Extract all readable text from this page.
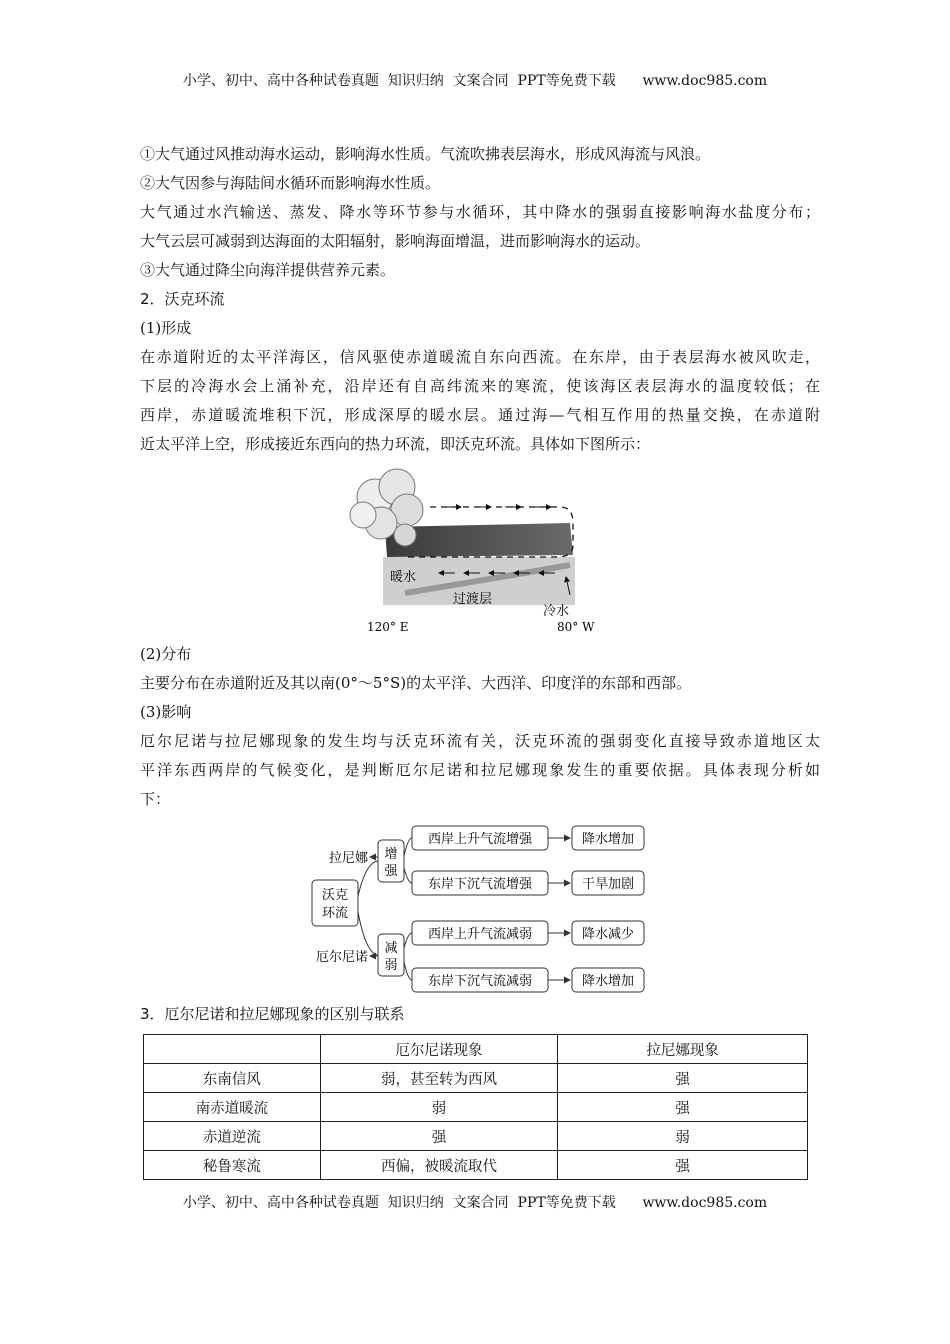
小学、初中、高中各种试卷真题  知识归纳  文案合同  PPT等免费下载      www.doc985.com
①大气通过风推动海水运动，影响海水性质。气流吹拂表层海水，形成风海流与风浪。
②大气因参与海陆间水循环而影响海水性质。
大气通过水汽输送、蒸发、降水等环节参与水循环，其中降水的强弱直接影响海水盐度分布；
大气云层可减弱到达海面的太阳辐射，影响海面增温，进而影响海水的运动。
③大气通过降尘向海洋提供营养元素。
2．沃克环流
(1)形成
在赤道附近的太平洋海区，信风驱使赤道暖流自东向西流。在东岸，由于表层海水被风吹走，
下层的冷海水会上涌补充，沿岸还有自高纬流来的寒流，使该海区表层海水的温度较低；在
西岸，赤道暖流堆积下沉，形成深厚的暖水层。通过海—气相互作用的热量交换，在赤道附
近太平洋上空，形成接近东西向的热力环流，即沃克环流。具体如下图所示：
暖水
过渡层
冷水
120° E	80° W
(2)分布
主要分布在赤道附近及其以南(0°～5°S)的太平洋、大西洋、印度洋的东部和西部。
(3)影响
厄尔尼诺与拉尼娜现象的发生均与沃克环流有关，沃克环流的强弱变化直接导致赤道地区太
平洋东西两岸的气候变化，是判断厄尔尼诺和拉尼娜现象发生的重要依据。具体表现分析如
下：
沃克
环流
拉尼娜
厄尔尼诺
增
强
减
弱
西岸上升气流增强
东岸下沉气流增强
西岸上升气流减弱
东岸下沉气流减弱
降水增加
干旱加剧
降水减少
降水增加
3．厄尔尼诺和拉尼娜现象的区别与联系
	厄尔尼诺现象	拉尼娜现象
东南信风	弱，甚至转为西风	强
南赤道暖流	弱	强
赤道逆流	强	弱
秘鲁寒流	西偏，被暖流取代	强
小学、初中、高中各种试卷真题  知识归纳  文案合同  PPT等免费下载      www.doc985.com
